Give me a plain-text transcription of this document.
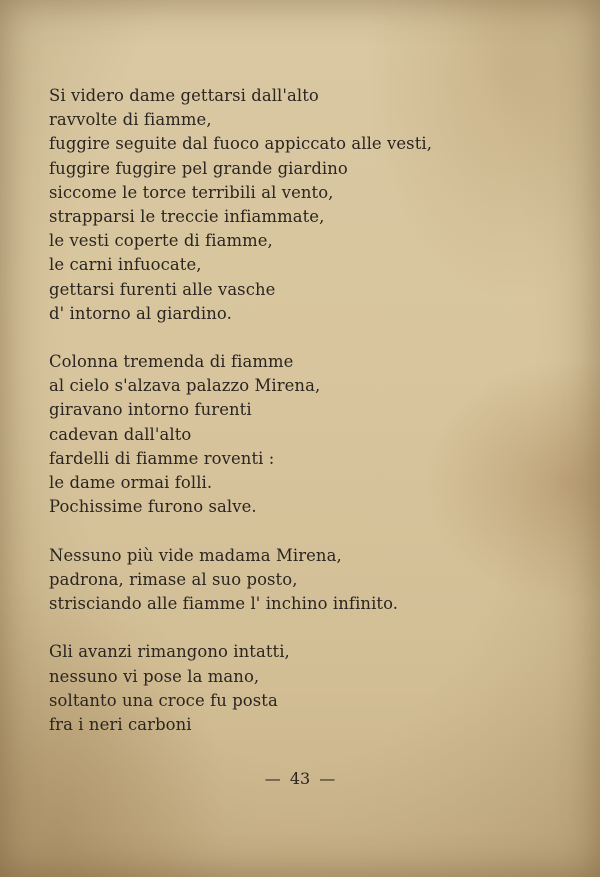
Si videro dame gettarsi dall'alto
ravvolte di fiamme,
fuggire seguite dal fuoco appiccato alle vesti,
fuggire fuggire pel grande giardino
siccome le torce terribili al vento,
strapparsi le treccie infiammate,
le vesti coperte di fiamme,
le carni infuocate,
gettarsi furenti alle vasche
d' intorno al giardino.
Colonna tremenda di fiamme
al cielo s'alzava palazzo Mirena,
giravano intorno furenti
cadevan dall'alto
fardelli di fiamme roventi :
le dame ormai folli.
Pochissime furono salve.
Nessuno più vide madama Mirena,
padrona, rimase al suo posto,
strisciando alle fiamme l' inchino infinito.
Gli avanzi rimangono intatti,
nessuno vi pose la mano,
soltanto una croce fu posta
fra i neri carboni
— 43 —
